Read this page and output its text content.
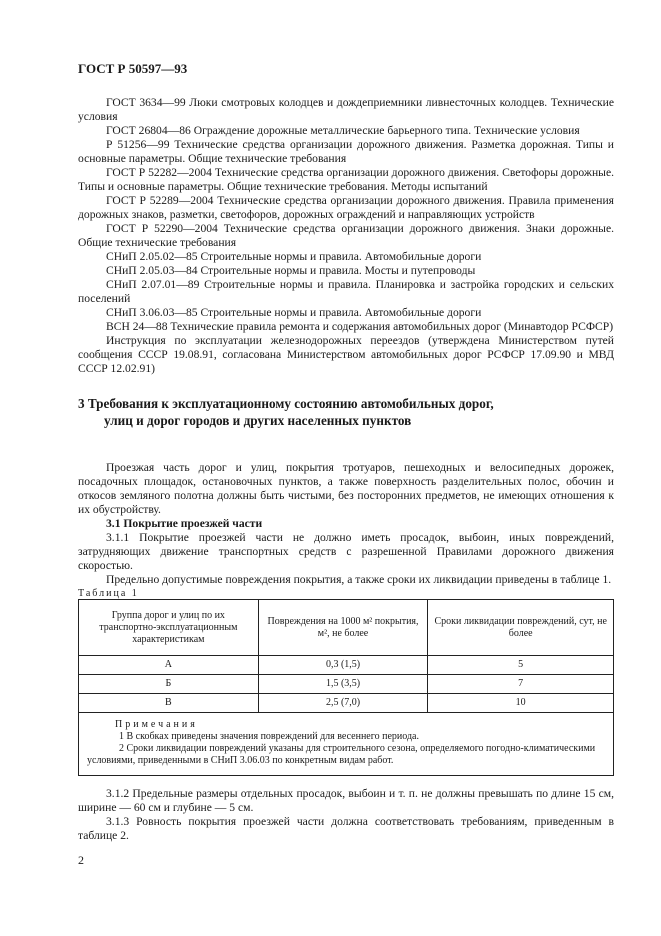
ГОСТ Р 50597—93

ГОСТ 3634—99 Люки смотровых колодцев и дождеприемники ливнесточных колодцев. Технические условия

ГОСТ 26804—86 Ограждение дорожные металлические барьерного типа. Технические условия

Р 51256—99 Технические средства организации дорожного движения. Разметка дорожная. Типы и основные параметры. Общие технические требования

ГОСТ Р 52282—2004 Технические средства организации дорожного движения. Светофоры дорожные. Типы и основные параметры. Общие технические требования. Методы испытаний

ГОСТ Р 52289—2004 Технические средства организации дорожного движения. Правила применения дорожных знаков, разметки, светофоров, дорожных ограждений и направляющих устройств

ГОСТ Р 52290—2004 Технические средства организации дорожного движения. Знаки дорожные. Общие технические требования

СНиП 2.05.02—85 Строительные нормы и правила. Автомобильные дороги

СНиП 2.05.03—84 Строительные нормы и правила. Мосты и путепроводы

СНиП 2.07.01—89 Строительные нормы и правила. Планировка и застройка городских и сельских поселений

СНиП 3.06.03—85 Строительные нормы и правила. Автомобильные дороги

ВСН 24—88 Технические правила ремонта и содержания автомобильных дорог (Минавтодор РСФСР)

Инструкция по эксплуатации железнодорожных переездов (утверждена Министерством путей сообщения СССР 19.08.91, согласована Министерством автомобильных дорог РСФСР 17.09.90 и МВД СССР 12.02.91)

3 Требования к эксплуатационному состоянию автомобильных дорог,
улиц и дорог городов и других населенных пунктов

Проезжая часть дорог и улиц, покрытия тротуаров, пешеходных и велосипедных дорожек, посадочных площадок, остановочных пунктов, а также поверхность разделительных полос, обочин и откосов земляного полотна должны быть чистыми, без посторонних предметов, не имеющих отношения к их обустройству.

3.1 Покрытие проезжей части

3.1.1 Покрытие проезжей части не должно иметь просадок, выбоин, иных повреждений, затрудняющих движение транспортных средств с разрешенной Правилами дорожного движения скоростью.

Предельно допустимые повреждения покрытия, а также сроки их ликвидации приведены в таблице 1.

Таблица 1
Группа дорог и улиц по их транспортно-эксплуатационным характеристикам	Повреждения на 1000 м² покрытия, м², не более	Сроки ликвидации повреждений, сут, не более
А	0,3 (1,5)	5
Б	1,5 (3,5)	7
В	2,5 (7,0)	10

Примечания
1 В скобках приведены значения повреждений для весеннего периода.
2 Сроки ликвидации повреждений указаны для строительного сезона, определяемого погодно-климатическими условиями, приведенными в СНиП 3.06.03 по конкретным видам работ.		

3.1.2 Предельные размеры отдельных просадок, выбоин и т. п. не должны превышать по длине 15 см, ширине — 60 см и глубине — 5 см.

3.1.3 Ровность покрытия проезжей части должна соответствовать требованиям, приведенным в таблице 2.

2
